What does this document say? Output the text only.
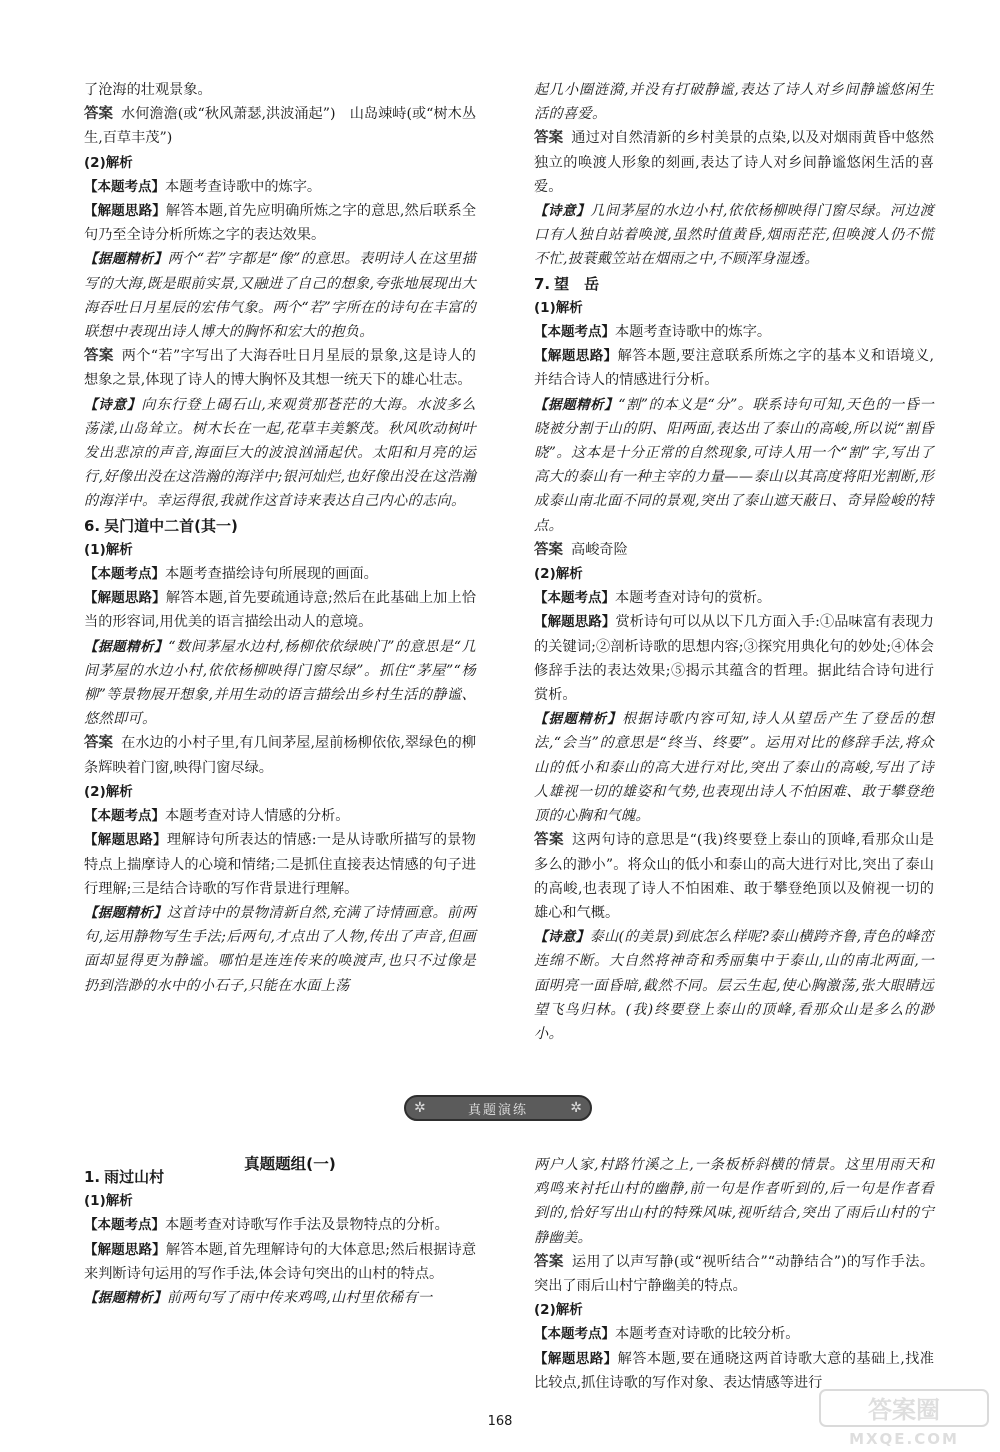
了沧海的壮观景象。

答案 水何澹澹(或“秋风萧瑟,洪波涌起”)　山岛竦峙(或“树木丛生,百草丰茂”)

(2)解析

【本题考点】本题考查诗歌中的炼字。

【解题思路】解答本题,首先应明确所炼之字的意思,然后联系全句乃至全诗分析所炼之字的表达效果。

【据题精析】两个“若”字都是“像”的意思。表明诗人在这里描写的大海,既是眼前实景,又融进了自己的想象,夸张地展现出大海吞吐日月星辰的宏伟气象。两个“若”字所在的诗句在丰富的联想中表现出诗人博大的胸怀和宏大的抱负。

答案 两个“若”字写出了大海吞吐日月星辰的景象,这是诗人的想象之景,体现了诗人的博大胸怀及其想一统天下的雄心壮志。

【诗意】向东行登上碣石山,来观赏那苍茫的大海。水波多么荡漾,山岛耸立。树木长在一起,花草丰美繁茂。秋风吹动树叶发出悲凉的声音,海面巨大的波浪汹涌起伏。太阳和月亮的运行,好像出没在这浩瀚的海洋中;银河灿烂,也好像出没在这浩瀚的海洋中。幸运得很,我就作这首诗来表达自己内心的志向。

6. 吴门道中二首(其一)

(1)解析

【本题考点】本题考查描绘诗句所展现的画面。

【解题思路】解答本题,首先要疏通诗意;然后在此基础上加上恰当的形容词,用优美的语言描绘出动人的意境。

【据题精析】“数间茅屋水边村,杨柳依依绿映门”的意思是“几间茅屋的水边小村,依依杨柳映得门窗尽绿”。抓住“茅屋”“杨柳”等景物展开想象,并用生动的语言描绘出乡村生活的静谧、悠然即可。

答案 在水边的小村子里,有几间茅屋,屋前杨柳依依,翠绿色的柳条辉映着门窗,映得门窗尽绿。

(2)解析

【本题考点】本题考查对诗人情感的分析。

【解题思路】理解诗句所表达的情感:一是从诗歌所描写的景物特点上揣摩诗人的心境和情绪;二是抓住直接表达情感的句子进行理解;三是结合诗歌的写作背景进行理解。

【据题精析】这首诗中的景物清新自然,充满了诗情画意。前两句,运用静物写生手法;后两句,才点出了人物,传出了声音,但画面却显得更为静谧。哪怕是连连传来的唤渡声,也只不过像是扔到浩渺的水中的小石子,只能在水面上荡

起几小圈涟漪,并没有打破静谧,表达了诗人对乡间静谧悠闲生活的喜爱。

答案 通过对自然清新的乡村美景的点染,以及对烟雨黄昏中悠然独立的唤渡人形象的刻画,表达了诗人对乡间静谧悠闲生活的喜爱。

【诗意】几间茅屋的水边小村,依依杨柳映得门窗尽绿。河边渡口有人独自站着唤渡,虽然时值黄昏,烟雨茫茫,但唤渡人仍不慌不忙,披蓑戴笠站在烟雨之中,不顾浑身湿透。

7. 望　岳

(1)解析

【本题考点】本题考查诗歌中的炼字。

【解题思路】解答本题,要注意联系所炼之字的基本义和语境义,并结合诗人的情感进行分析。

【据题精析】“割”的本义是“分”。联系诗句可知,天色的一昏一晓被分割于山的阴、阳两面,表达出了泰山的高峻,所以说“割昏晓”。这本是十分正常的自然现象,可诗人用一个“割”字,写出了高大的泰山有一种主宰的力量——泰山以其高度将阳光割断,形成泰山南北面不同的景观,突出了泰山遮天蔽日、奇异险峻的特点。

答案 高峻奇险

(2)解析

【本题考点】本题考查对诗句的赏析。

【解题思路】赏析诗句可以从以下几方面入手:①品味富有表现力的关键词;②剖析诗歌的思想内容;③探究用典化句的妙处;④体会修辞手法的表达效果;⑤揭示其蕴含的哲理。据此结合诗句进行赏析。

【据题精析】根据诗歌内容可知,诗人从望岳产生了登岳的想法,“会当”的意思是“终当、终要”。运用对比的修辞手法,将众山的低小和泰山的高大进行对比,突出了泰山的高峻,写出了诗人雄视一切的雄姿和气势,也表现出诗人不怕困难、敢于攀登绝顶的心胸和气魄。

答案 这两句诗的意思是“(我)终要登上泰山的顶峰,看那众山是多么的渺小”。将众山的低小和泰山的高大进行对比,突出了泰山的高峻,也表现了诗人不怕困难、敢于攀登绝顶以及俯视一切的雄心和气概。

【诗意】泰山(的美景)到底怎么样呢?泰山横跨齐鲁,青色的峰峦连绵不断。大自然将神奇和秀丽集中于泰山,山的南北两面,一面明亮一面昏暗,截然不同。层云生起,使心胸激荡,张大眼睛远望飞鸟归林。(我)终要登上泰山的顶峰,看那众山是多么的渺小。

✲	真题演练	✲
真题题组(一)

1. 雨过山村

(1)解析

【本题考点】本题考查对诗歌写作手法及景物特点的分析。

【解题思路】解答本题,首先理解诗句的大体意思;然后根据诗意来判断诗句运用的写作手法,体会诗句突出的山村的特点。

【据题精析】前两句写了雨中传来鸡鸣,山村里依稀有一

两户人家,村路竹溪之上,一条板桥斜横的情景。这里用雨天和鸡鸣来衬托山村的幽静,前一句是作者听到的,后一句是作者看到的,恰好写出山村的特殊风味,视听结合,突出了雨后山村的宁静幽美。

答案 运用了以声写静(或“视听结合”“动静结合”)的写作手法。突出了雨后山村宁静幽美的特点。

(2)解析

【本题考点】本题考查对诗歌的比较分析。

【解题思路】解答本题,要在通晓这两首诗歌大意的基础上,找准比较点,抓住诗歌的写作对象、表达情感等进行

168	答案圈
MXQE.COM
